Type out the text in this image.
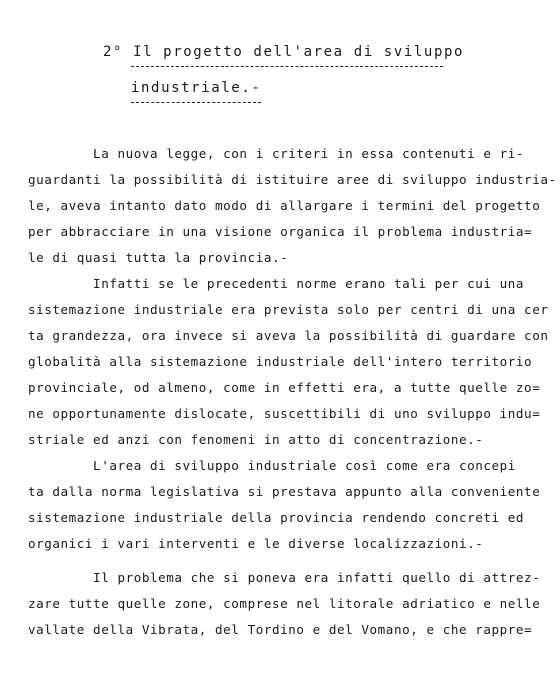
2° Il progetto dell'area di sviluppo
industriale.-
La nuova legge, con i criteri in essa contenuti e ri-
guardanti la possibilità di istituire aree di sviluppo industria-
le, aveva intanto dato modo di allargare i termini del progetto
per abbracciare in una visione organica il problema industria=
le di quasi tutta la provincia.-
Infatti se le precedenti norme erano tali per cui una
sistemazione industriale era prevista solo per centri di una cer
ta grandezza, ora invece si aveva la possibilità di guardare con
globalità alla sistemazione industriale dell'intero territorio
provinciale, od almeno, come in effetti era, a tutte quelle zo=
ne opportunamente dislocate, suscettibili di uno sviluppo indu=
striale ed anzi con fenomeni in atto di concentrazione.-
L'area di sviluppo industriale così come era concepi
ta dalla norma legislativa si prestava appunto alla conveniente
sistemazione industriale della provincia rendendo concreti ed
organici i vari interventi e le diverse localizzazioni.-
Il problema che si poneva era infatti quello di attrez-
zare tutte quelle zone, comprese nel litorale adriatico e nelle
vallate della Vibrata, del Tordino e del Vomano, e che rappre=
